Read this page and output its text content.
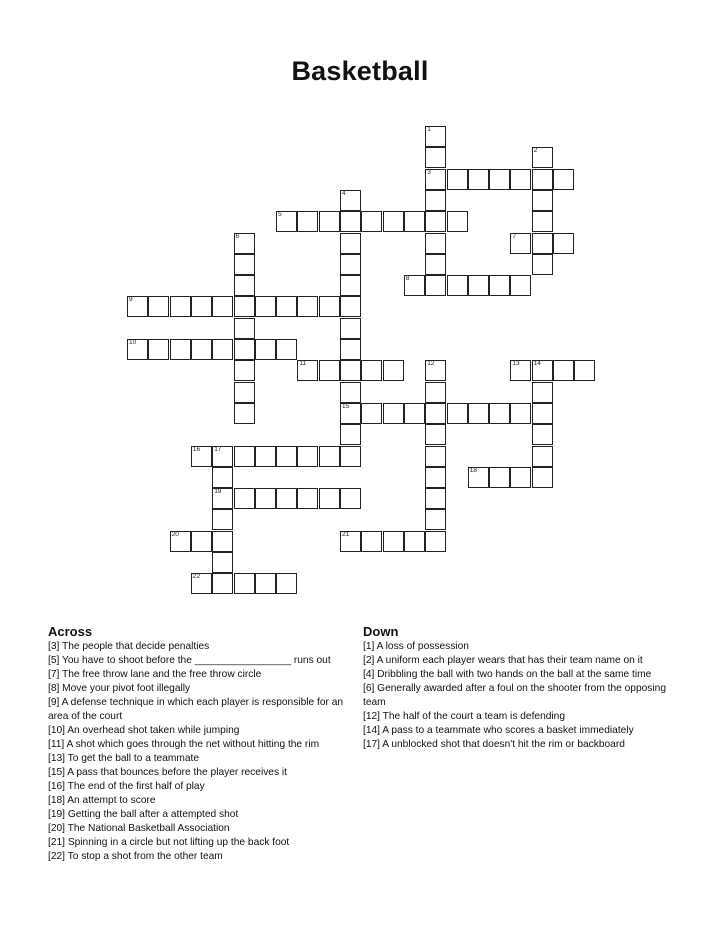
Basketball
1
3
2
4
15
5
6	7
8
9
10
11	12	13 14
16 17
19
18
20	21
22
Across

[3] The people that decide penalties

[5] You have to shoot before the _________________ runs out

[7] The free throw lane and the free throw circle

[8] Move your pivot foot illegally

[9] A defense technique in which each player is responsible for an area of the court

[10] An overhead shot taken while jumping

[11] A shot which goes through the net without hitting the rim

[13] To get the ball to a teammate

[15] A pass that bounces before the player receives it

[16] The end of the first half of play

[18] An attempt to score

[19] Getting the ball after a attempted shot

[20] The National Basketball Association

[21] Spinning in a circle but not lifting up the back foot

[22] To stop a shot from the other team

Down

[1] A loss of possession

[2] A uniform each player wears that has their team name on it

[4] Dribbling the ball with two hands on the ball at the same time

[6] Generally awarded after a foul on the shooter from the opposing team

[12] The half of the court a team is defending

[14] A pass to a teammate who scores a basket immediately

[17] A unblocked shot that doesn't hit the rim or backboard
